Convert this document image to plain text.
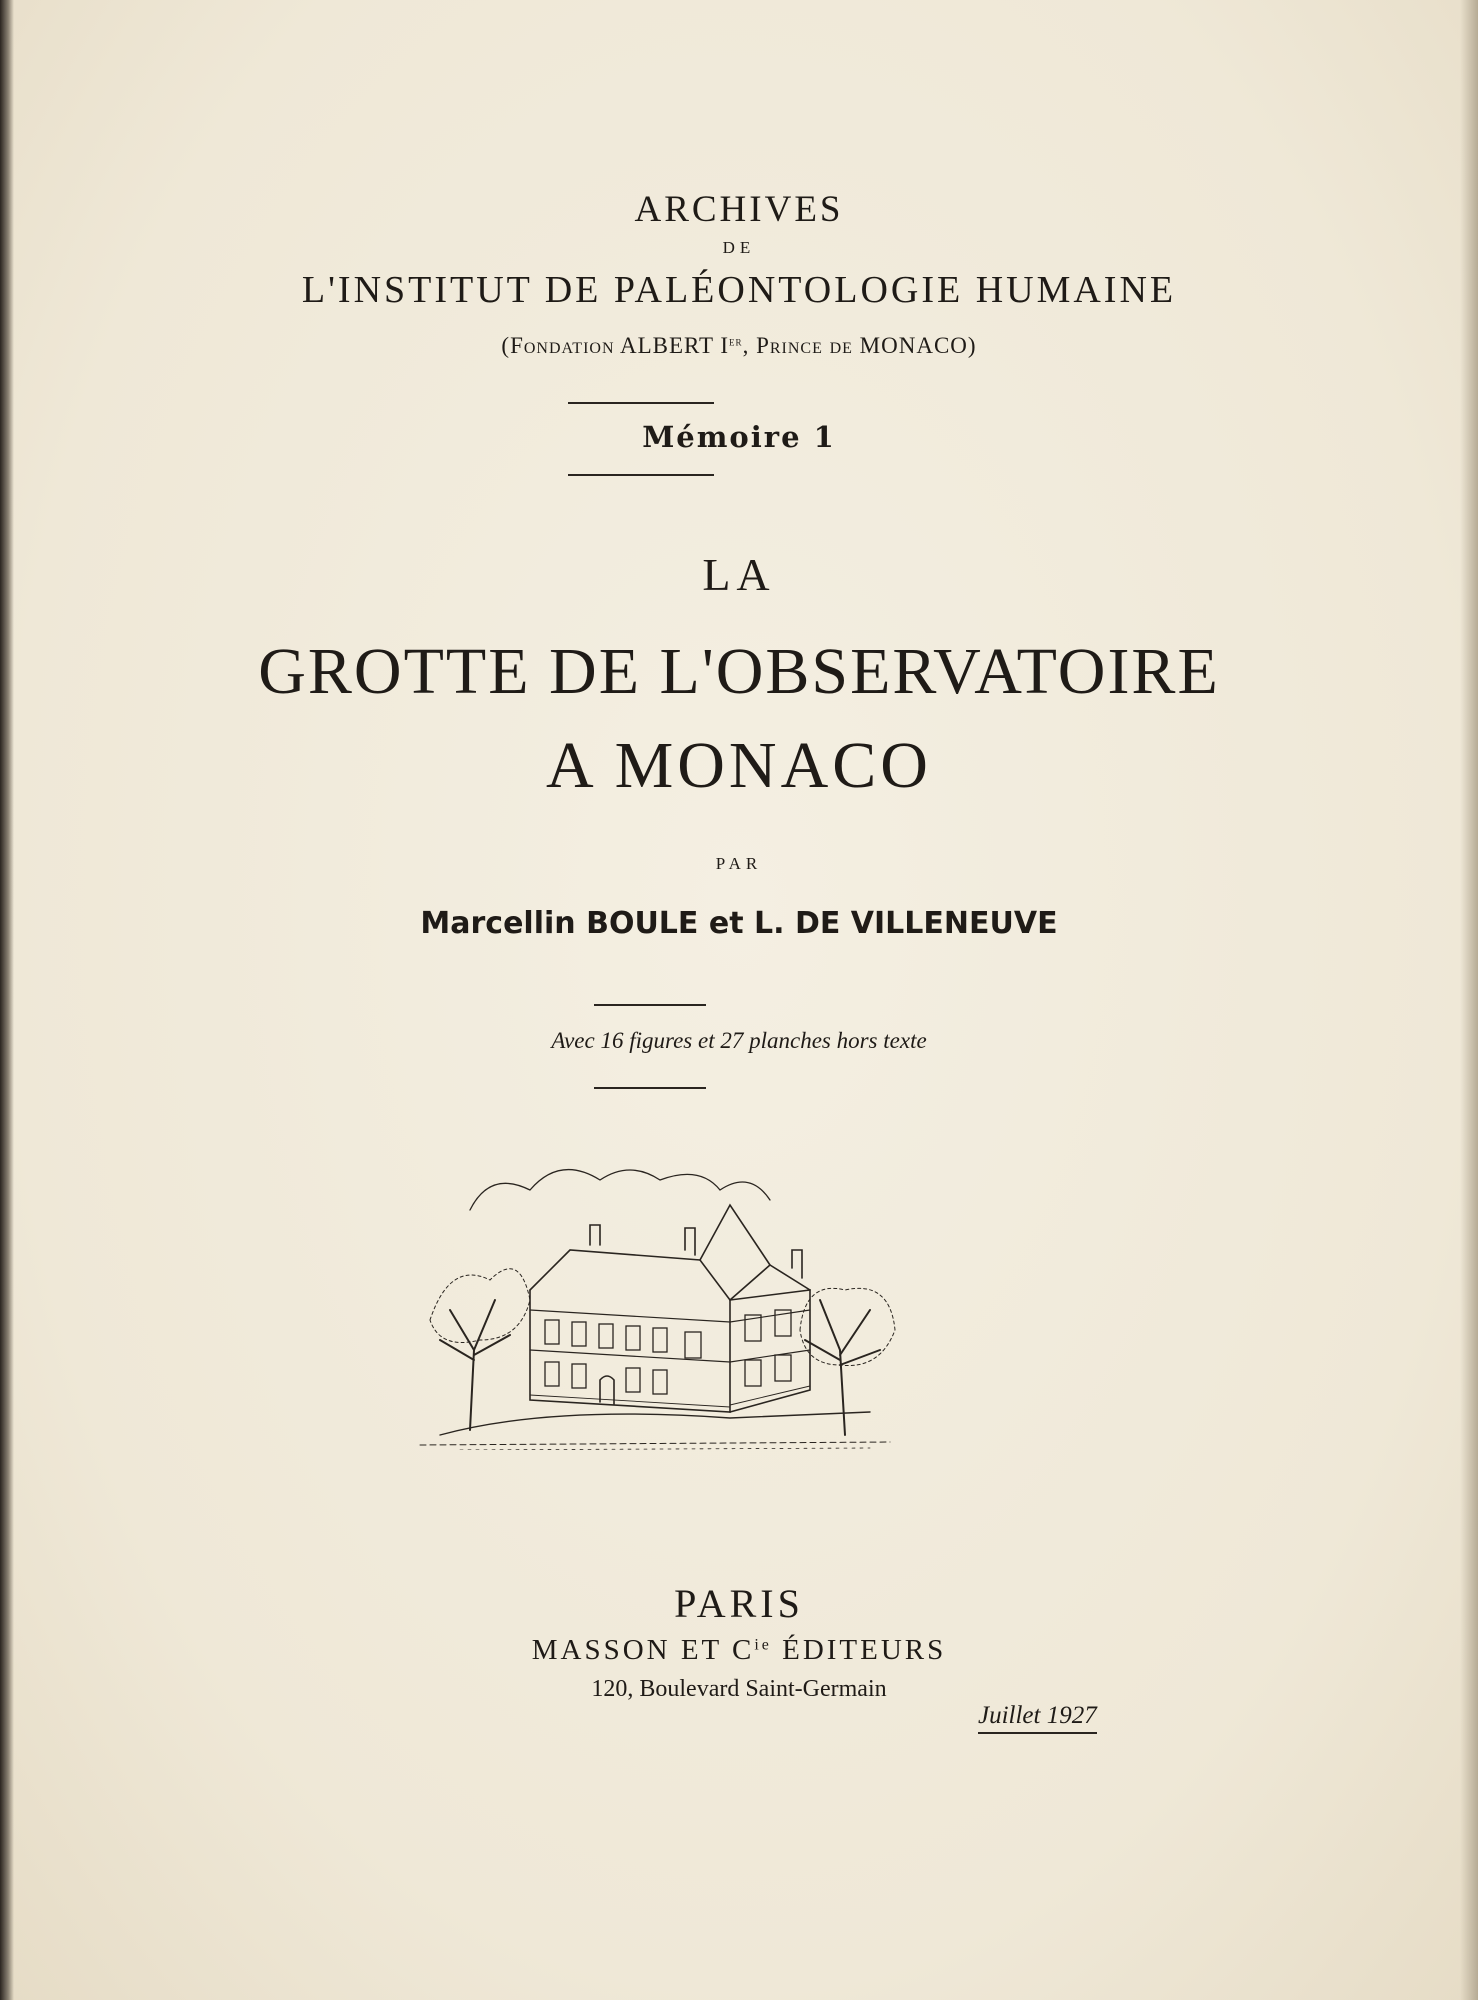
ARCHIVES
DE
L'INSTITUT DE PALÉONTOLOGIE HUMAINE
(Fondation ALBERT Ier, Prince de MONACO)
Mémoire 1
LA
GROTTE DE L'OBSERVATOIRE
A MONACO
PAR
Marcellin BOULE et L. DE VILLENEUVE
Avec 16 figures et 27 planches hors texte
PARIS
MASSON ET $C^{ie}$ ÉDITEURS
120, Boulevard Saint-Germain
Juillet 1927
